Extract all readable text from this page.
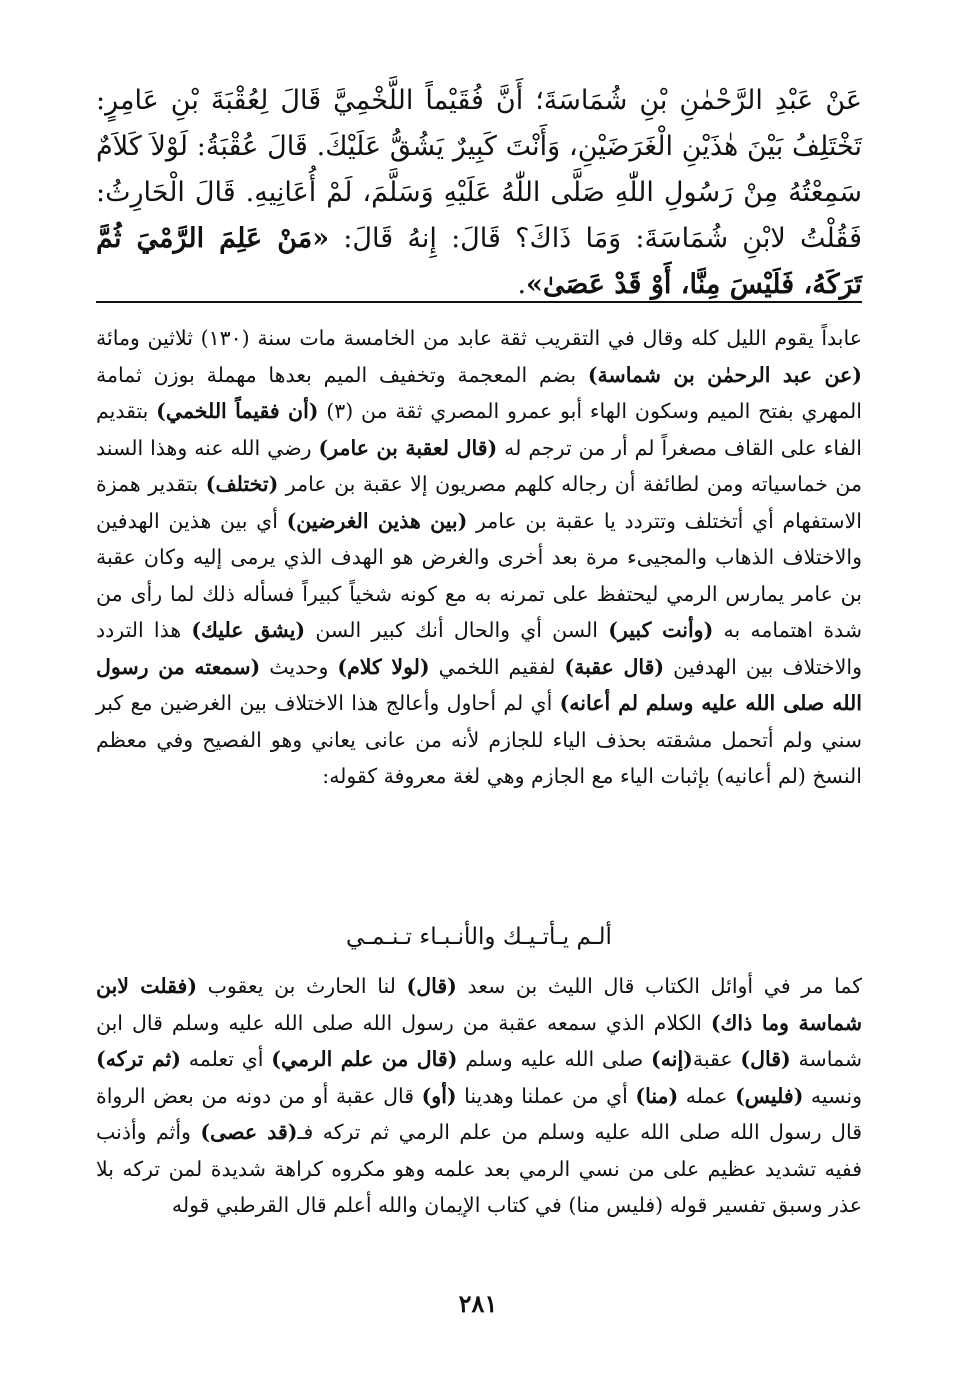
عَنْ عَبْدِ الرَّحْمٰنِ بْنِ شُمَاسَةَ؛ أَنَّ فُقَيْماً اللَّخْمِيَّ قَالَ لِعُقْبَةَ بْنِ عَامِرٍ: تَخْتَلِفُ بَيْنَ هٰذَيْنِ الْغَرَضَيْنِ، وَأَنْتَ كَبِيرٌ يَشُقُّ عَلَيْكَ. قَالَ عُقْبَةُ: لَوْلاَ كَلاَمٌ سَمِعْتُهُ مِنْ رَسُولِ اللّٰهِ صَلَّى اللّٰهُ عَلَيْهِ وَسَلَّمَ، لَمْ أُعَانِيهِ. قَالَ الْحَارِثُ: فَقُلْتُ لابْنِ شُمَاسَةَ: وَمَا ذَاكَ؟ قَالَ: إِنهُ قَالَ: «مَنْ عَلِمَ الرَّمْيَ ثُمَّ تَرَكَهُ، فَلَيْسَ مِنَّا، أَوْ قَدْ عَصَىٰ».

عابداً يقوم الليل كله وقال في التقريب ثقة عابد من الخامسة مات سنة (١٣٠) ثلاثين ومائة (عن عبد الرحمٰن بن شماسة) بضم المعجمة وتخفيف الميم بعدها مهملة بوزن ثمامة المهري بفتح الميم وسكون الهاء أبو عمرو المصري ثقة من (٣) (أن فقيماً اللخمي) بتقديم الفاء على القاف مصغراً لم أر من ترجم له (قال لعقبة بن عامر) رضي الله عنه وهذا السند من خماسياته ومن لطائفة أن رجاله كلهم مصريون إلا عقبة بن عامر (تختلف) بتقدير همزة الاستفهام أي أتختلف وتتردد يا عقبة بن عامر (بين هذين الغرضين) أي بين هذين الهدفين والاختلاف الذهاب والمجيىء مرة بعد أخرى والغرض هو الهدف الذي يرمى إليه وكان عقبة بن عامر يمارس الرمي ليحتفظ على تمرنه به مع كونه شخياً كبيراً فسأله ذلك لما رأى من شدة اهتمامه به (وأنت كبير) السن أي والحال أنك كبير السن (يشق عليك) هذا التردد والاختلاف بين الهدفين (قال عقبة) لفقيم اللخمي (لولا كلام) وحديث (سمعته من رسول الله صلى الله عليه وسلم لم أعانه) أي لم أحاول وأعالج هذا الاختلاف بين الغرضين مع كبر سني ولم أتحمل مشقته بحذف الياء للجازم لأنه من عانى يعاني وهو الفصيح وفي معظم النسخ (لم أعانيه) بإثبات الياء مع الجازم وهي لغة معروفة كقوله:

ألـم يـأتـيـك والأنـبـاء تـنـمـي
كما مر في أوائل الكتاب قال الليث بن سعد (قال) لنا الحارث بن يعقوب (فقلت لابن شماسة وما ذاك) الكلام الذي سمعه عقبة من رسول الله صلى الله عليه وسلم قال ابن شماسة (قال) عقبة(إنه) صلى الله عليه وسلم (قال من علم الرمي) أي تعلمه (ثم تركه) ونسيه (فليس) عمله (منا) أي من عملنا وهدينا (أو) قال عقبة أو من دونه من بعض الرواة قال رسول الله صلى الله عليه وسلم من علم الرمي ثم تركه فـ(قد عصى) وأثم وأذنب ففيه تشديد عظيم على من نسي الرمي بعد علمه وهو مكروه كراهة شديدة لمن تركه بلا عذر وسبق تفسير قوله (فليس منا) في كتاب الإيمان والله أعلم قال القرطبي قوله
٢٨١
